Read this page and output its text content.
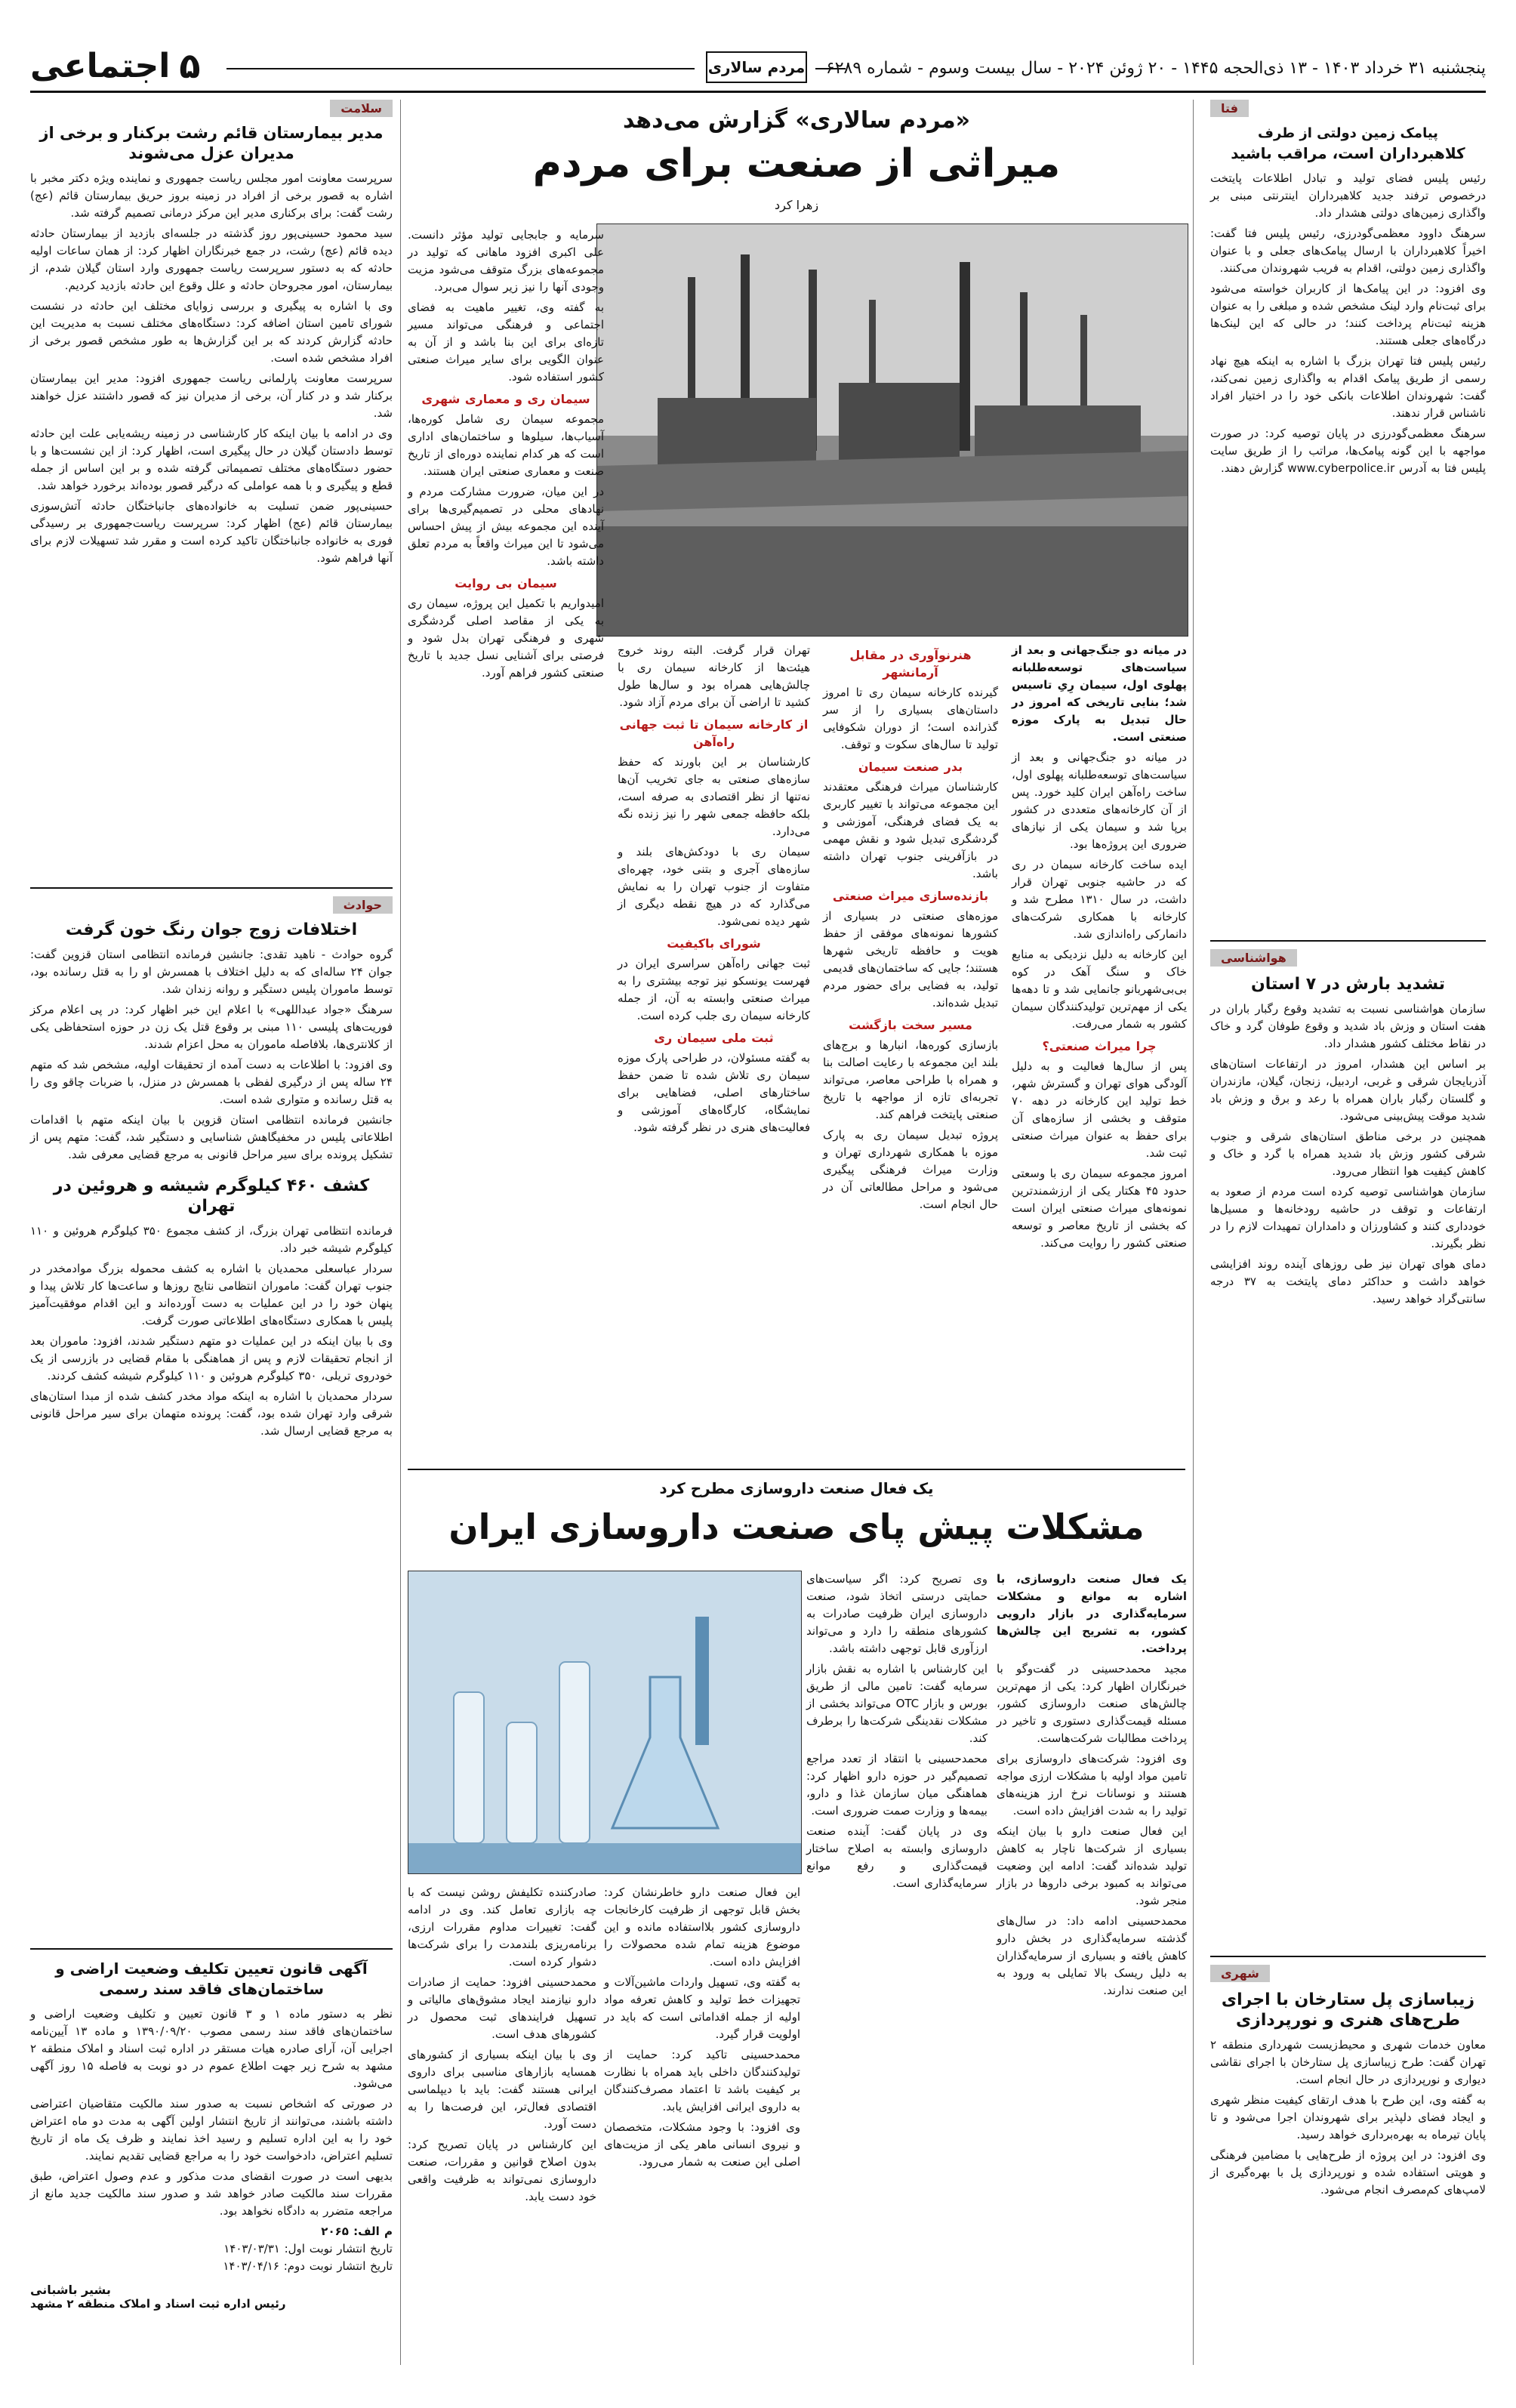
۵
اجتماعی	مردم سالاری پنجشنبه ۳۱ خرداد ۱۴۰۳ - ۱۳ ذی‌الحجه ۱۴۴۵ - ۲۰ ژوئن ۲۰۲۴ - سال بیست وسوم - شماره ۶۲۸۹
فتا
پیامک زمین دولتی از طرف
کلاهبرداران است، مراقب باشید

رئیس پلیس فضای تولید و تبادل اطلاعات پایتخت درخصوص ترفند جدید کلاهبرداران اینترنتی مبنی بر واگذاری زمین‌های دولتی هشدار داد.

سرهنگ داوود معظمی‌گودرزی، رئیس پلیس فتا گفت: اخیراً کلاهبرداران با ارسال پیامک‌های جعلی و با عنوان واگذاری زمین دولتی، اقدام به فریب شهروندان می‌کنند.

وی افزود: در این پیامک‌ها از کاربران خواسته می‌شود برای ثبت‌نام وارد لینک مشخص شده و مبلغی را به عنوان هزینه ثبت‌نام پرداخت کنند؛ در حالی که این لینک‌ها درگاه‌های جعلی هستند.

رئیس پلیس فتا تهران بزرگ با اشاره به اینکه هیچ نهاد رسمی از طریق پیامک اقدام به واگذاری زمین نمی‌کند، گفت: شهروندان اطلاعات بانکی خود را در اختیار افراد ناشناس قرار ندهند.

سرهنگ معظمی‌گودرزی در پایان توصیه کرد: در صورت مواجهه با این گونه پیامک‌ها، مراتب را از طریق سایت پلیس فتا به آدرس www.cyberpolice.ir گزارش دهند.

هواشناسی
تشدید بارش در ۷ استان

سازمان هواشناسی نسبت به تشدید وقوع رگبار باران در هفت استان و وزش باد شدید و وقوع طوفان گرد و خاک در نقاط مختلف کشور هشدار داد.

بر اساس این هشدار، امروز در ارتفاعات استان‌های آذربایجان شرقی و غربی، اردبیل، زنجان، گیلان، مازندران و گلستان رگبار باران همراه با رعد و برق و وزش باد شدید موقت پیش‌بینی می‌شود.

همچنین در برخی مناطق استان‌های شرقی و جنوب شرقی کشور وزش باد شدید همراه با گرد و خاک و کاهش کیفیت هوا انتظار می‌رود.

سازمان هواشناسی توصیه کرده است مردم از صعود به ارتفاعات و توقف در حاشیه رودخانه‌ها و مسیل‌ها خودداری کنند و کشاورزان و دامداران تمهیدات لازم را در نظر بگیرند.

دمای هوای تهران نیز طی روزهای آینده روند افزایشی خواهد داشت و حداکثر دمای پایتخت به ۳۷ درجه سانتی‌گراد خواهد رسید.

شهری
زیباسازی پل ستارخان با اجرای
طرح‌های هنری و نورپردازی

معاون خدمات شهری و محیط‌زیست شهرداری منطقه ۲ تهران گفت: طرح زیباسازی پل ستارخان با اجرای نقاشی دیواری و نورپردازی در حال انجام است.

به گفته وی، این طرح با هدف ارتقای کیفیت منظر شهری و ایجاد فضای دلپذیر برای شهروندان اجرا می‌شود و تا پایان تیرماه به بهره‌برداری خواهد رسید.

وی افزود: در این پروژه از طرح‌هایی با مضامین فرهنگی و هویتی استفاده شده و نورپردازی پل با بهره‌گیری از لامپ‌های کم‌مصرف انجام می‌شود.

سلامت
مدیر بیمارستان قائم رشت برکنار و برخی از مدیران عزل می‌شوند

سرپرست معاونت امور مجلس ریاست جمهوری و نماینده ویژه دکتر مخبر با اشاره به قصور برخی از افراد در زمینه بروز حریق بیمارستان قائم (عج) رشت گفت: برای برکناری مدیر این مرکز درمانی تصمیم گرفته شد.

سید محمود حسینی‌پور روز گذشته در جلسه‌ای بازدید از بیمارستان حادثه دیده قائم (عج) رشت، در جمع خبرنگاران اظهار کرد: از همان ساعات اولیه حادثه که به دستور سرپرست ریاست جمهوری وارد استان گیلان شدم، از بیمارستان، امور مجروحان حادثه و علل وقوع این حادثه بازدید کردیم.

وی با اشاره به پیگیری و بررسی زوایای مختلف این حادثه در نشست شورای تامین استان اضافه کرد: دستگاه‌های مختلف نسبت به مدیریت این حادثه گزارش کردند که بر این گزارش‌ها به طور مشخص قصور برخی از افراد مشخص شده است.

سرپرست معاونت پارلمانی ریاست جمهوری افزود: مدیر این بیمارستان برکنار شد و در کنار آن، برخی از مدیران نیز که قصور داشتند عزل خواهند شد.

وی در ادامه با بیان اینکه کار کارشناسی در زمینه ریشه‌یابی علت این حادثه توسط دادستان گیلان در حال پیگیری است، اظهار کرد: از این نشست‌ها و با حضور دستگاه‌های مختلف تصمیماتی گرفته شده و بر این اساس از جمله قطع و پیگیری و با همه عواملی که درگیر قصور بوده‌اند برخورد خواهد شد.

حسینی‌پور ضمن تسلیت به خانواده‌های جانباختگان حادثه آتش‌سوزی بیمارستان قائم (عج) اظهار کرد: سرپرست ریاست‌جمهوری بر رسیدگی فوری به خانواده جانباختگان تاکید کرده است و مقرر شد تسهیلات لازم برای آنها فراهم شود.

حوادث
اختلافات زوج جوان رنگ خون گرفت

گروه حوادث - ناهید تقدی: جانشین فرمانده انتظامی استان قزوین گفت: جوان ۲۴ ساله‌ای که به دلیل اختلاف با همسرش او را به قتل رسانده بود، توسط ماموران پلیس دستگیر و روانه زندان شد.

سرهنگ «جواد عبداللهی» با اعلام این خبر اظهار کرد: در پی اعلام مرکز فوریت‌های پلیسی ۱۱۰ مبنی بر وقوع قتل یک زن در حوزه استحفاظی یکی از کلانتری‌ها، بلافاصله ماموران به محل اعزام شدند.

وی افزود: با اطلاعات به دست آمده از تحقیقات اولیه، مشخص شد که متهم ۲۴ ساله پس از درگیری لفظی با همسرش در منزل، با ضربات چاقو وی را به قتل رسانده و متواری شده است.

جانشین فرمانده انتظامی استان قزوین با بیان اینکه متهم با اقدامات اطلاعاتی پلیس در مخفیگاهش شناسایی و دستگیر شد، گفت: متهم پس از تشکیل پرونده برای سیر مراحل قانونی به مرجع قضایی معرفی شد.

کشف ۴۶۰ کیلوگرم شیشه و هروئین در تهران

فرمانده انتظامی تهران بزرگ، از کشف مجموع ۳۵۰ کیلوگرم هروئین و ۱۱۰ کیلوگرم شیشه خبر داد.

سردار عباسعلی محمدیان با اشاره به کشف محموله بزرگ موادمخدر در جنوب تهران گفت: ماموران انتظامی نتایج روزها و ساعت‌ها کار تلاش پیدا و پنهان خود را در این عملیات به دست آورده‌اند و این اقدام موفقیت‌آمیز پلیس با همکاری دستگاه‌های اطلاعاتی صورت گرفت.

وی با بیان اینکه در این عملیات دو متهم دستگیر شدند، افزود: ماموران بعد از انجام تحقیقات لازم و پس از هماهنگی با مقام قضایی در بازرسی از یک خودروی تریلی، ۳۵۰ کیلوگرم هروئین و ۱۱۰ کیلوگرم شیشه کشف کردند.

سردار محمدیان با اشاره به اینکه مواد مخدر کشف شده از مبدا استان‌های شرقی وارد تهران شده بود، گفت: پرونده متهمان برای سیر مراحل قانونی به مرجع قضایی ارسال شد.

آگهی قانون تعیین تکلیف وضعیت اراضی و ساختمان‌های فاقد سند رسمی

نظر به دستور ماده ۱ و ۳ قانون تعیین و تکلیف وضعیت اراضی و ساختمان‌های فاقد سند رسمی مصوب ۱۳۹۰/۰۹/۲۰ و ماده ۱۳ آیین‌نامه اجرایی آن، آرای صادره هیات مستقر در اداره ثبت اسناد و املاک منطقه ۲ مشهد به شرح زیر جهت اطلاع عموم در دو نوبت به فاصله ۱۵ روز آگهی می‌شود.

در صورتی که اشخاص نسبت به صدور سند مالکیت متقاضیان اعتراضی داشته باشند، می‌توانند از تاریخ انتشار اولین آگهی به مدت دو ماه اعتراض خود را به این اداره تسلیم و رسید اخذ نمایند و ظرف یک ماه از تاریخ تسلیم اعتراض، دادخواست خود را به مراجع قضایی تقدیم نمایند.

بدیهی است در صورت انقضای مدت مذکور و عدم وصول اعتراض، طبق مقررات سند مالکیت صادر خواهد شد و صدور سند مالکیت جدید مانع از مراجعه متضرر به دادگاه نخواهد بود.

م الف: ۲۰۶۵
تاریخ انتشار نوبت اول: ۱۴۰۳/۰۳/۳۱
تاریخ انتشار نوبت دوم: ۱۴۰۳/۰۴/۱۶
بشیر باشبانی
رئیس اداره ثبت اسناد و املاک منطقه ۲ مشهد
«مردم سالاری» گزارش می‌دهد
میراثی از صنعت برای مردم
زهرا کرد

در میانه دو جنگ‌جهانی و بعد از سیاست‌های توسعه‌طلبانه پهلوی اول، سیمان رِی‌ِ تاسیس شد؛ بنایی تاریخی که امروز در حال تبدیل به پارک موزه صنعتی است.

در میانه دو جنگ‌جهانی و بعد از سیاست‌های توسعه‌طلبانه پهلوی اول، ساخت راه‌آهن ایران کلید خورد. پس از آن کارخانه‌های متعددی در کشور برپا شد و سیمان یکی از نیازهای ضروری این پروژه‌ها بود.

ایده ساخت کارخانه سیمان در ری که در حاشیه جنوبی تهران قرار داشت، در سال ۱۳۱۰ مطرح شد و کارخانه با همکاری شرکت‌های دانمارکی راه‌اندازی شد.

این کارخانه به دلیل نزدیکی به منابع خاک و سنگ آهک در کوه بی‌بی‌شهربانو جانمایی شد و تا دهه‌ها یکی از مهم‌ترین تولیدکنندگان سیمان کشور به شمار می‌رفت.

چرا میراث صنعتی؟

پس از سال‌ها فعالیت و به دلیل آلودگی هوای تهران و گسترش شهر، خط تولید این کارخانه در دهه ۷۰ متوقف و بخشی از سازه‌های آن برای حفظ به عنوان میراث صنعتی ثبت شد.

امروز مجموعه سیمان ری با وسعتی حدود ۴۵ هکتار یکی از ارزشمندترین نمونه‌های میراث صنعتی ایران است که بخشی از تاریخ معاصر و توسعه صنعتی کشور را روایت می‌کند.

هنرنوآوری در مقابل آرمانشهر

گیرنده کارخانه سیمان ری تا امروز داستان‌های بسیاری را از سر گذرانده است؛ از دوران شکوفایی تولید تا سال‌های سکوت و توقف.

بدر صنعت سیمان

کارشناسان میراث فرهنگی معتقدند این مجموعه می‌تواند با تغییر کاربری به یک فضای فرهنگی، آموزشی و گردشگری تبدیل شود و نقش مهمی در بازآفرینی جنوب تهران داشته باشد.

بازنده‌سازی میراث صنعتی

موزه‌های صنعتی در بسیاری از کشورها نمونه‌های موفقی از حفظ هویت و حافظه تاریخی شهرها هستند؛ جایی که ساختمان‌های قدیمی تولید، به فضایی برای حضور مردم تبدیل شده‌اند.

مسیر سخت بازگشت

بازسازی کوره‌ها، انبارها و برج‌های بلند این مجموعه با رعایت اصالت بنا و همراه با طراحی معاصر، می‌تواند تجربه‌ای تازه از مواجهه با تاریخ صنعتی پایتخت فراهم کند.

پروژه تبدیل سیمان ری به پارک موزه با همکاری شهرداری تهران و وزارت میراث فرهنگی پیگیری می‌شود و مراحل مطالعاتی آن در حال انجام است.

تهران قرار گرفت. البته روند خروج هیئت‌ها از کارخانه سیمان ری با چالش‌هایی همراه بود و سال‌ها طول کشید تا اراضی آن برای مردم آزاد شود.

از کارخانه سیمان تا ثبت جهانی راه‌آهن

کارشناسان بر این باورند که حفظ سازه‌های صنعتی به جای تخریب آن‌ها نه‌تنها از نظر اقتصادی به صرفه است، بلکه حافظه جمعی شهر را نیز زنده نگه می‌دارد.

سیمان ری با دودکش‌های بلند و سازه‌های آجری و بتنی خود، چهره‌ای متفاوت از جنوب تهران را به نمایش می‌گذارد که در هیچ نقطه دیگری از شهر دیده نمی‌شود.

شورای باکیفیت

ثبت جهانی راه‌آهن سراسری ایران در فهرست یونسکو نیز توجه بیشتری را به میراث صنعتی وابسته به آن، از جمله کارخانه سیمان ری جلب کرده است.

ثبت ملی سیمان ری

به گفته مسئولان، در طراحی پارک موزه سیمان ری تلاش شده تا ضمن حفظ ساختارهای اصلی، فضاهایی برای نمایشگاه، کارگاه‌های آموزشی و فعالیت‌های هنری در نظر گرفته شود.

سرمایه و جابجایی تولید مؤثر دانست. علی اکبری افزود ماهانی که تولید در مجموعه‌های بزرگ متوقف می‌شود مزیت وجودی آنها را نیز زیر سوال می‌برد.

به گفته وی، تغییر ماهیت به فضای اجتماعی و فرهنگی می‌تواند مسیر تازه‌ای برای این بنا باشد و از آن به عنوان الگویی برای سایر میراث صنعتی کشور استفاده شود.

سیمان ری و معماری شهری

مجموعه سیمان ری شامل کوره‌ها، آسیاب‌ها، سیلوها و ساختمان‌های اداری است که هر کدام نماینده دوره‌ای از تاریخ صنعت و معماری صنعتی ایران هستند.

در این میان، ضرورت مشارکت مردم و نهادهای محلی در تصمیم‌گیری‌ها برای آینده این مجموعه بیش از پیش احساس می‌شود تا این میراث واقعاً به مردم تعلق داشته باشد.

سیمان بی روایت

امیدواریم با تکمیل این پروژه، سیمان ری به یکی از مقاصد اصلی گردشگری شهری و فرهنگی تهران بدل شود و فرصتی برای آشنایی نسل جدید با تاریخ صنعتی کشور فراهم آورد.

یک فعال صنعت داروسازی مطرح کرد
مشکلات پیش پای صنعت داروسازی ایران

یک فعال صنعت داروسازی، با اشاره به موانع و مشکلات سرمایه‌گذاری در بازار دارویی کشور، به تشریح این چالش‌ها پرداخت.

مجید محمدحسینی در گفت‌وگو با خبرنگاران اظهار کرد: یکی از مهم‌ترین چالش‌های صنعت داروسازی کشور، مسئله قیمت‌گذاری دستوری و تاخیر در پرداخت مطالبات شرکت‌هاست.

وی افزود: شرکت‌های داروسازی برای تامین مواد اولیه با مشکلات ارزی مواجه هستند و نوسانات نرخ ارز هزینه‌های تولید را به شدت افزایش داده است.

این فعال صنعت دارو با بیان اینکه بسیاری از شرکت‌ها ناچار به کاهش تولید شده‌اند گفت: ادامه این وضعیت می‌تواند به کمبود برخی داروها در بازار منجر شود.

محمدحسینی ادامه داد: در سال‌های گذشته سرمایه‌گذاری در بخش دارو کاهش یافته و بسیاری از سرمایه‌گذاران به دلیل ریسک بالا تمایلی به ورود به این صنعت ندارند.

وی تصریح کرد: اگر سیاست‌های حمایتی درستی اتخاذ شود، صنعت داروسازی ایران ظرفیت صادرات به کشورهای منطقه را دارد و می‌تواند ارزآوری قابل توجهی داشته باشد.

این کارشناس با اشاره به نقش بازار سرمایه گفت: تامین مالی از طریق بورس و بازار OTC می‌تواند بخشی از مشکلات نقدینگی شرکت‌ها را برطرف کند.

محمدحسینی با انتقاد از تعدد مراجع تصمیم‌گیر در حوزه دارو اظهار کرد: هماهنگی میان سازمان غذا و دارو، بیمه‌ها و وزارت صمت ضروری است.

وی در پایان گفت: آینده صنعت داروسازی وابسته به اصلاح ساختار قیمت‌گذاری و رفع موانع سرمایه‌گذاری است.

این فعال صنعت دارو خاطرنشان کرد: بخش قابل توجهی از ظرفیت کارخانجات داروسازی کشور بلااستفاده مانده و این موضوع هزینه تمام شده محصولات را افزایش داده است.

به گفته وی، تسهیل واردات ماشین‌آلات و تجهیزات خط تولید و کاهش تعرفه مواد اولیه از جمله اقداماتی است که باید در اولویت قرار گیرد.

محمدحسینی تاکید کرد: حمایت از تولیدکنندگان داخلی باید همراه با نظارت بر کیفیت باشد تا اعتماد مصرف‌کنندگان به داروی ایرانی افزایش یابد.

وی افزود: با وجود مشکلات، متخصصان و نیروی انسانی ماهر یکی از مزیت‌های اصلی این صنعت به شمار می‌رود.

صادرکننده تکلیفش روشن نیست که با چه بازاری تعامل کند. وی در ادامه گفت: تغییرات مداوم مقررات ارزی، برنامه‌ریزی بلندمدت را برای شرکت‌ها دشوار کرده است.

محمدحسینی افزود: حمایت از صادرات دارو نیازمند ایجاد مشوق‌های مالیاتی و تسهیل فرایندهای ثبت محصول در کشورهای هدف است.

وی با بیان اینکه بسیاری از کشورهای همسایه بازارهای مناسبی برای داروی ایرانی هستند گفت: باید با دیپلماسی اقتصادی فعال‌تر، این فرصت‌ها را به دست آورد.

این کارشناس در پایان تصریح کرد: بدون اصلاح قوانین و مقررات، صنعت داروسازی نمی‌تواند به ظرفیت واقعی خود دست یابد.
